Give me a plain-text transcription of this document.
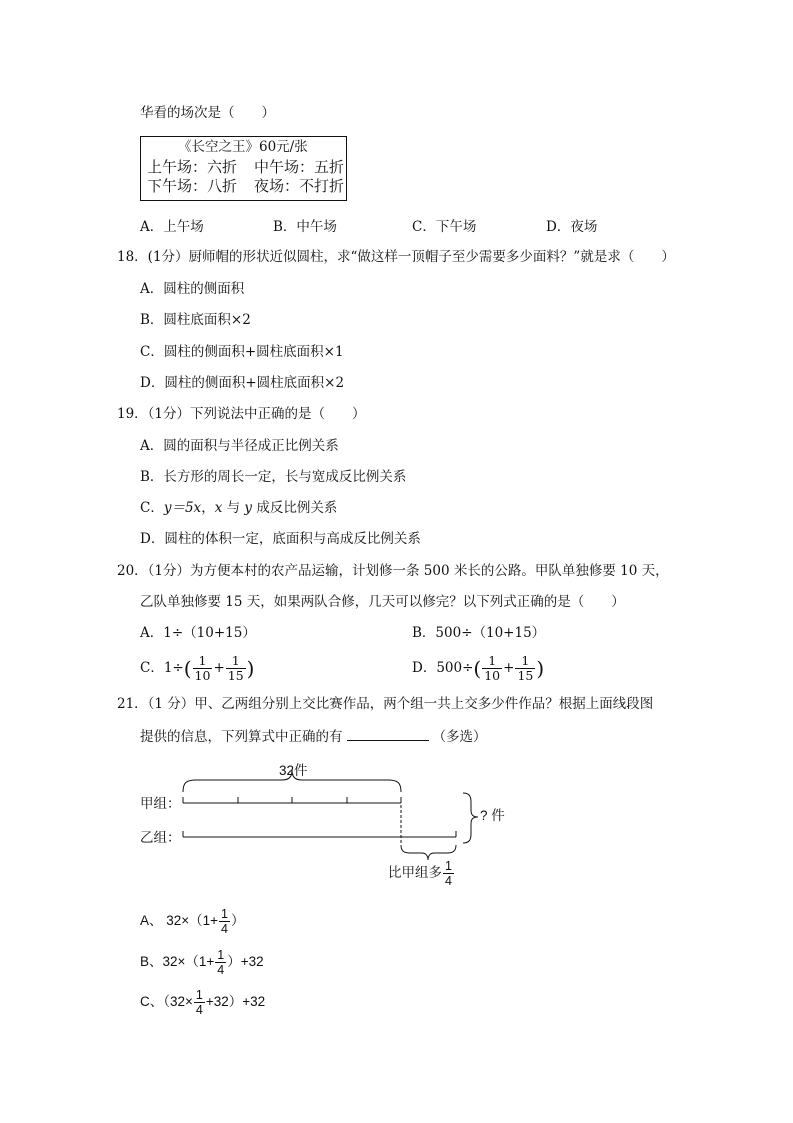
华看的场次是（　　）
《长空之王》60元/张
上午场：六折 中午场：五折
下午场：八折 夜场：不打折
A．上午场	B．中午场	C．下午场	D．夜场
18．(1分）厨师帽的形状近似圆柱，求“做这样一顶帽子至少需要多少面料？”就是求（　　）
A．圆柱的侧面积
B．圆柱底面积×2
C．圆柱的侧面积+圆柱底面积×1
D．圆柱的侧面积+圆柱底面积×2
19．（1分）下列说法中正确的是（　　）
A．圆的面积与半径成正比例关系
B．长方形的周长一定，长与宽成反比例关系
C．y＝5x，x 与 y 成反比例关系
D．圆柱的体积一定，底面积与高成反比例关系
20．（1分）为方便本村的农产品运输，计划修一条 500 米长的公路。甲队单独修要 10 天，
乙队单独修要 15 天，如果两队合修，几天可以修完？以下列式正确的是（　　）
A．1÷（10+15）	B．500÷（10+15）
C．$1\div( \frac{1}{10} + \frac{1}{15}$ )	D．$500\div( \frac{1}{10} + \frac{1}{15}$ )
21．（1 分）甲、乙两组分别上交比赛作品，两个组一共上交多少件作品？根据上面线段图
提供的信息，下列算式中正确的有	（多选）
32件
甲组：
乙组：
? 件
比甲组多 $\frac{1}{4}$
A、 $32\times(1+ \frac{1}{4}$ ）
B、$32\times(1+ \frac{1}{4} )+32$
C、$(32\times \frac{1}{4} +32)+32$
